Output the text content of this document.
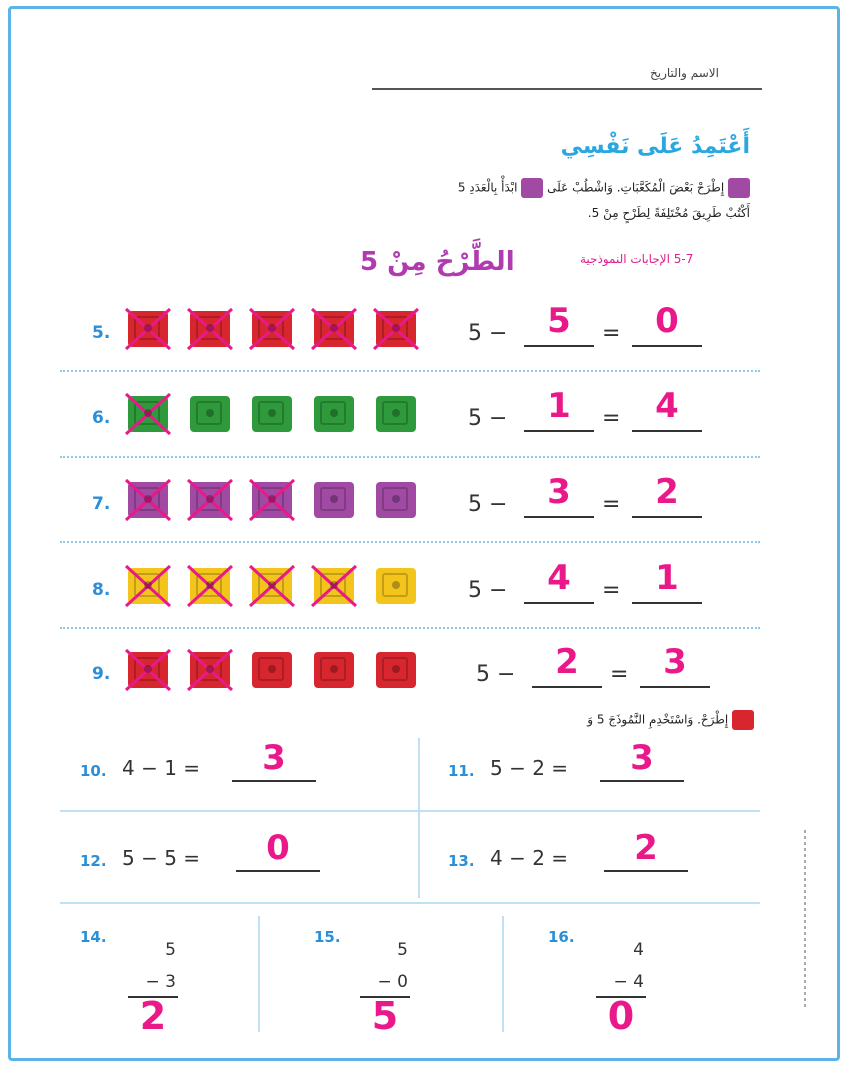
الاسم والتاريخ
أَعْتَمِدُ عَلَى نَفْسِي
إِطْرَحْ بَعْضَ الْمُكَعَّبَاتِ. وَاشْطُبْ عَلَى  ابْدَأْ بِالْعَدَدِ 5
أَكْتُبْ طَرِيقَ مُخْتَلِفَةً لِطَرْحٍ مِنْ 5.
الطَّرْحُ مِنْ 5	5-7 الإجابات النموذجية
5.	5 −	5	=	0
6.	5 −	1	=	4
7.	5 −	3	=	2
8.	5 −	4	=	1
9.	5 −	2	=	3
إِطْرَحْ. وَاسْتَخْدِمِ النَّمُوذَجَ 5 وَ
10. 4 − 1 =	3	11. 5 − 2 =	3
12. 5 − 5 =	0	13. 4 − 2 =	2
14.
5
− 3
2
15.
5
− 0
5
16.
4
− 4
0
